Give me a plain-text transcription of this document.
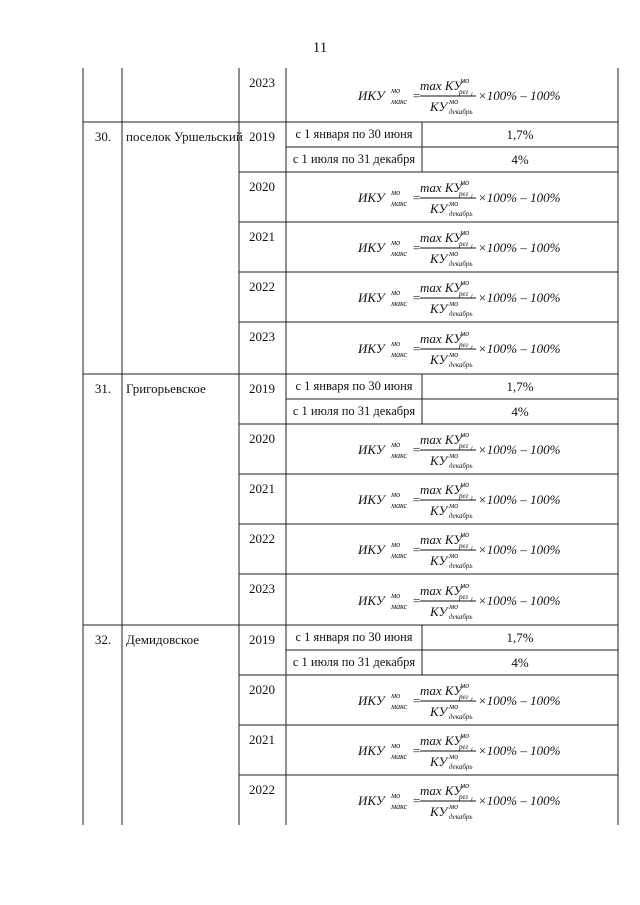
11
2023
ИКУ мо
макс =
max КУ
мо
рег i
КУ мо
декабрь
×100% – 100%
30.	поселок Уршельский 2019	с 1 января по 30 июня	1,7%
с 1 июля по 31 декабря	4%
2020
ИКУ мо
макс =
max КУ
мо
рег i
КУ мо
декабрь
×100% – 100%
2021
ИКУ мо
макс =
max КУ
мо
рег i
КУ мо
декабрь
×100% – 100%
2022
ИКУ мо
макс =
max КУ
мо
рег i
КУ мо
декабрь
×100% – 100%
2023
ИКУ мо
макс =
max КУ
мо
рег i
КУ мо
декабрь
×100% – 100%
31.	Григорьевское	2019	с 1 января по 30 июня	1,7%
с 1 июля по 31 декабря	4%
2020
ИКУ мо
макс =
max КУ
мо
рег i
КУ мо
декабрь
×100% – 100%
2021
ИКУ мо
макс =
max КУ
мо
рег i
КУ мо
декабрь
×100% – 100%
2022
ИКУ мо
макс =
max КУ
мо
рег i
КУ мо
декабрь
×100% – 100%
2023
ИКУ мо
макс =
max КУ
мо
рег i
КУ мо
декабрь
×100% – 100%
32.	Демидовское	2019	с 1 января по 30 июня	1,7%
с 1 июля по 31 декабря	4%
2020
ИКУ мо
макс =
max КУ
мо
рег i
КУ мо
декабрь
×100% – 100%
2021
ИКУ мо
макс =
max КУ
мо
рег i
КУ мо
декабрь
×100% – 100%
2022
ИКУ мо
макс =
max КУ
мо
рег i
КУ мо
декабрь
×100% – 100%
